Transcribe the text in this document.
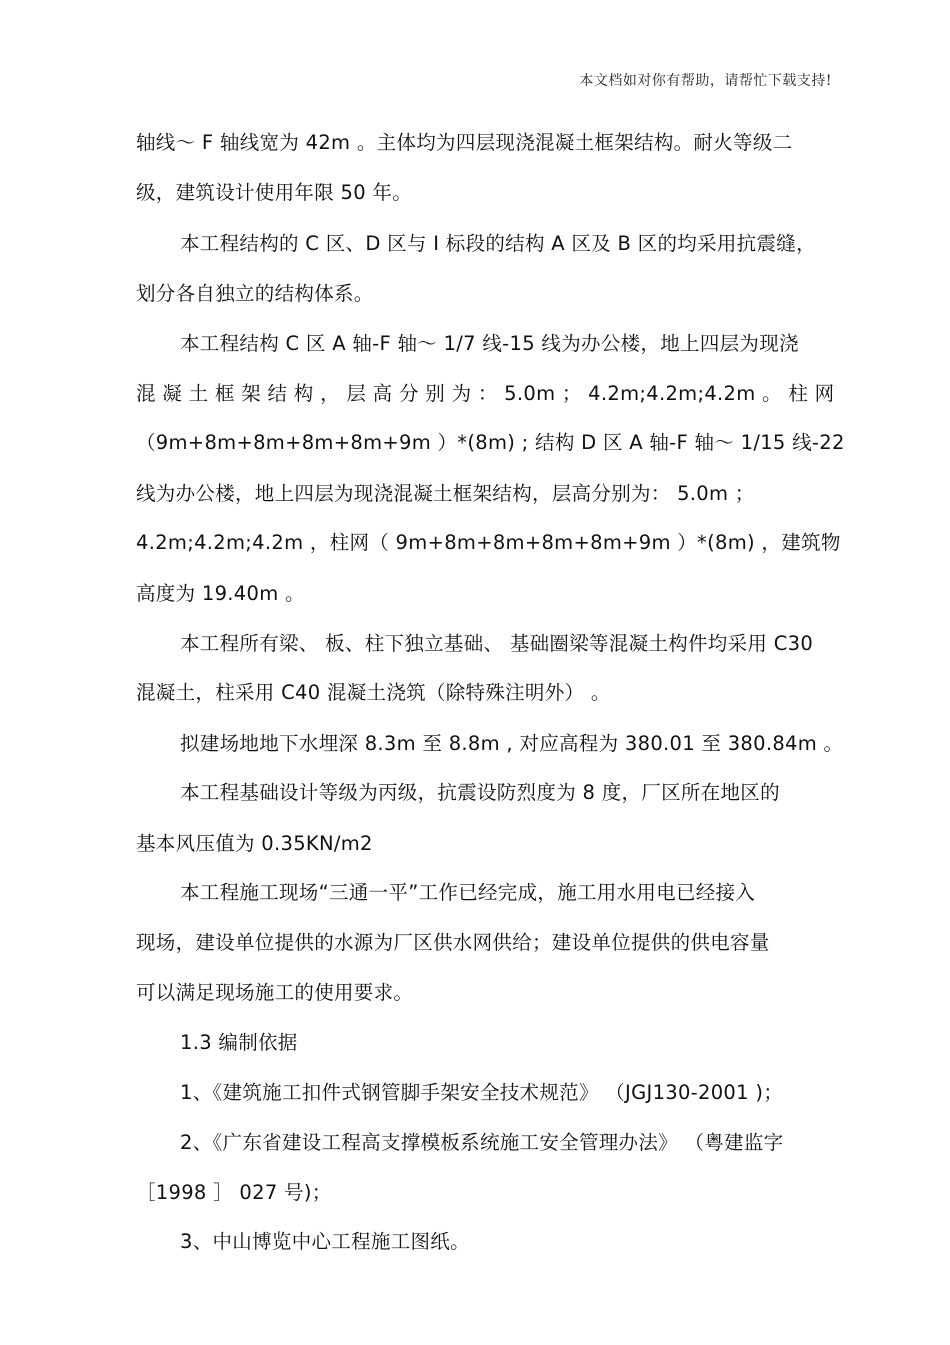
本文档如对你有帮助，请帮忙下载支持!
轴线～ F 轴线宽为 42m 。主体均为四层现浇混凝土框架结构。耐火等级二
级，建筑设计使用年限 50 年。
本工程结构的 C 区、D 区与 I 标段的结构 A 区及 B 区的均采用抗震缝，
划分各自独立的结构体系。
本工程结构 C 区 A 轴-F 轴～ 1/7 线-15 线为办公楼，地上四层为现浇
混 凝 土 框 架 结 构 ， 层 高 分 别 为 ： 5.0m ； 4.2m;4.2m;4.2m 。 柱 网
（9m+8m+8m+8m+8m+9m ）*(8m) ; 结构 D 区 A 轴-F 轴～ 1/15 线-22
线为办公楼，地上四层为现浇混凝土框架结构，层高分别为： 5.0m ；
4.2m;4.2m;4.2m ，柱网（ 9m+8m+8m+8m+8m+9m ）*(8m) ，建筑物
高度为 19.40m 。
本工程所有梁、 板、柱下独立基础、 基础圈梁等混凝土构件均采用 C30
混凝土，柱采用 C40 混凝土浇筑（除特殊注明外） 。
拟建场地地下水埋深 8.3m 至 8.8m , 对应高程为 380.01 至 380.84m 。
本工程基础设计等级为丙级，抗震设防烈度为 8 度，厂区所在地区的
基本风压值为 0.35KN/m2
本工程施工现场“三通一平”工作已经完成，施工用水用电已经接入
现场，建设单位提供的水源为厂区供水网供给；建设单位提供的供电容量
可以满足现场施工的使用要求。
1.3 编制依据
1、《建筑施工扣件式钢管脚手架安全技术规范》 （JGJ130-2001 )；
2、《广东省建设工程高支撑模板系统施工安全管理办法》 （粤建监字
［1998 ］ 027 号)；
3、中山博览中心工程施工图纸。
